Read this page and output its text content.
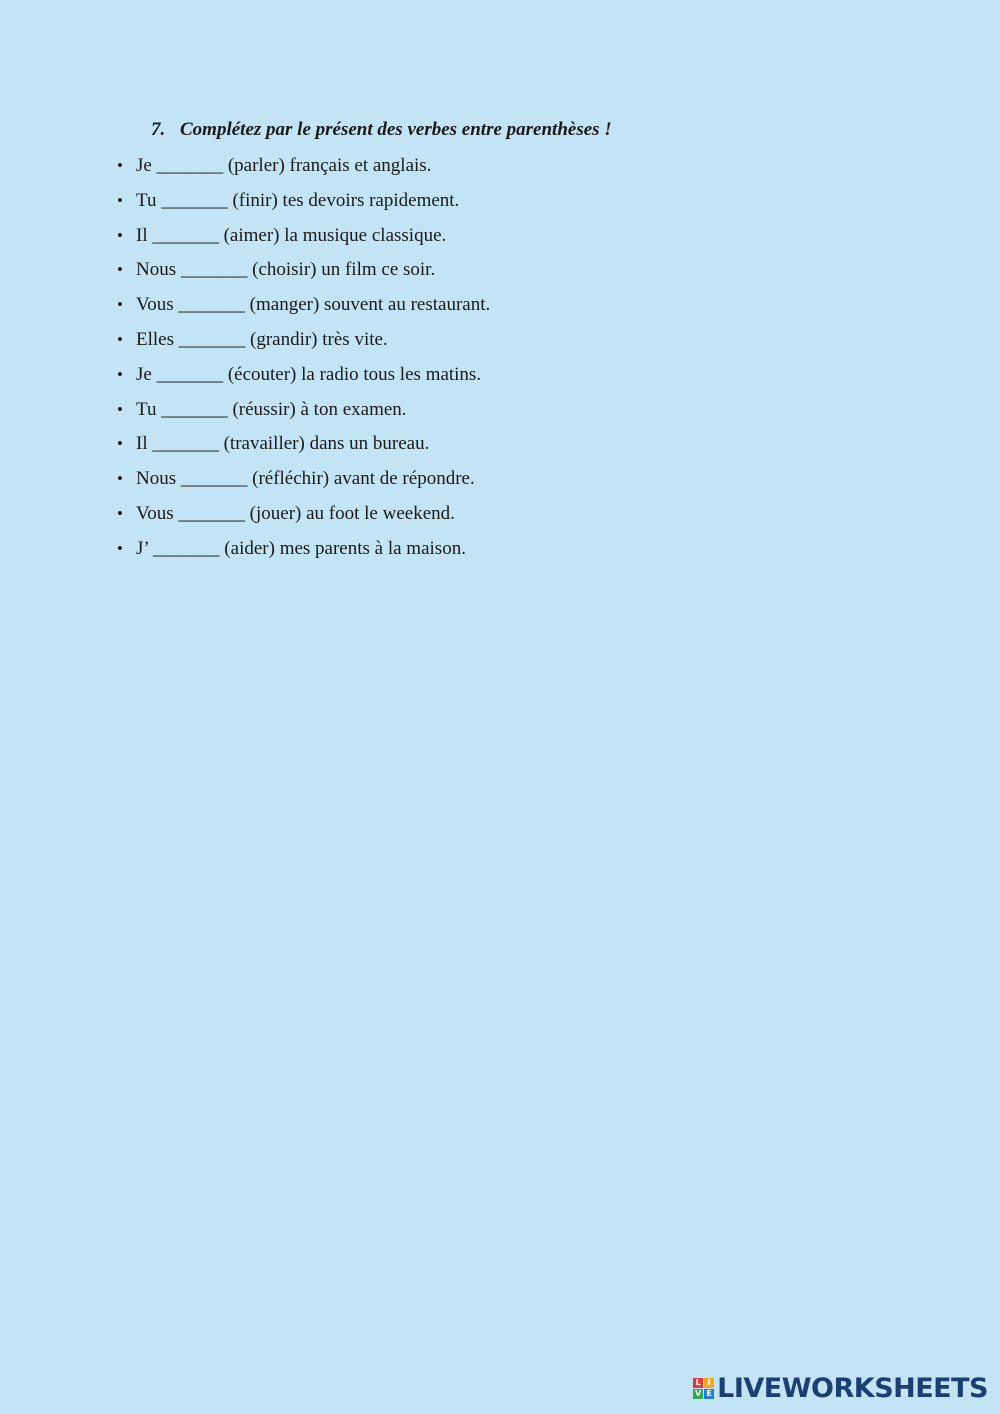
7. Complétez par le présent des verbes entre parenthèses !
• Je _______ (parler) français et anglais.
• Tu _______ (finir) tes devoirs rapidement.
• Il _______ (aimer) la musique classique.
• Nous _______ (choisir) un film ce soir.
• Vous _______ (manger) souvent au restaurant.
• Elles _______ (grandir) très vite.
• Je _______ (écouter) la radio tous les matins.
• Tu _______ (réussir) à ton examen.
• Il _______ (travailler) dans un bureau.
• Nous _______ (réfléchir) avant de répondre.
• Vous _______ (jouer) au foot le weekend.
• J’ _______ (aider) mes parents à la maison.
L I
V E LIVEWORKSHEETS
